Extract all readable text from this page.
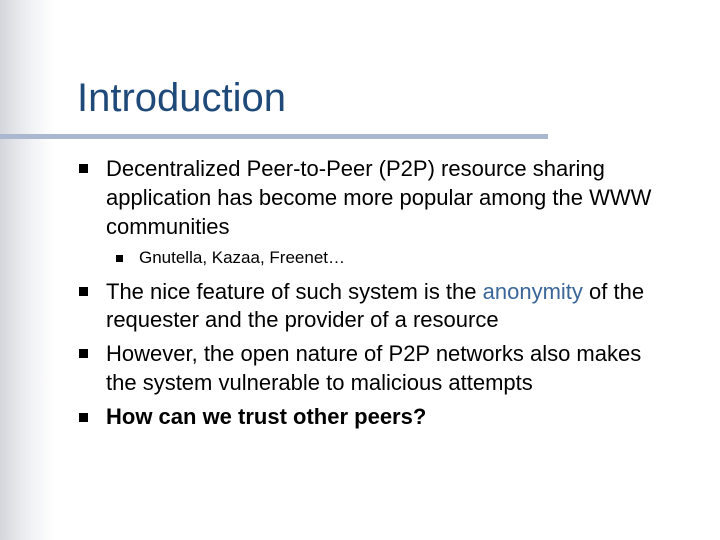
Introduction
Decentralized Peer-to-Peer (P2P) resource sharing
application has become more popular among the WWW
communities
Gnutella, Kazaa, Freenet…
The nice feature of such system is the anonymity of the
requester and the provider of a resource
However, the open nature of P2P networks also makes
the system vulnerable to malicious attempts
How can we trust other peers?
